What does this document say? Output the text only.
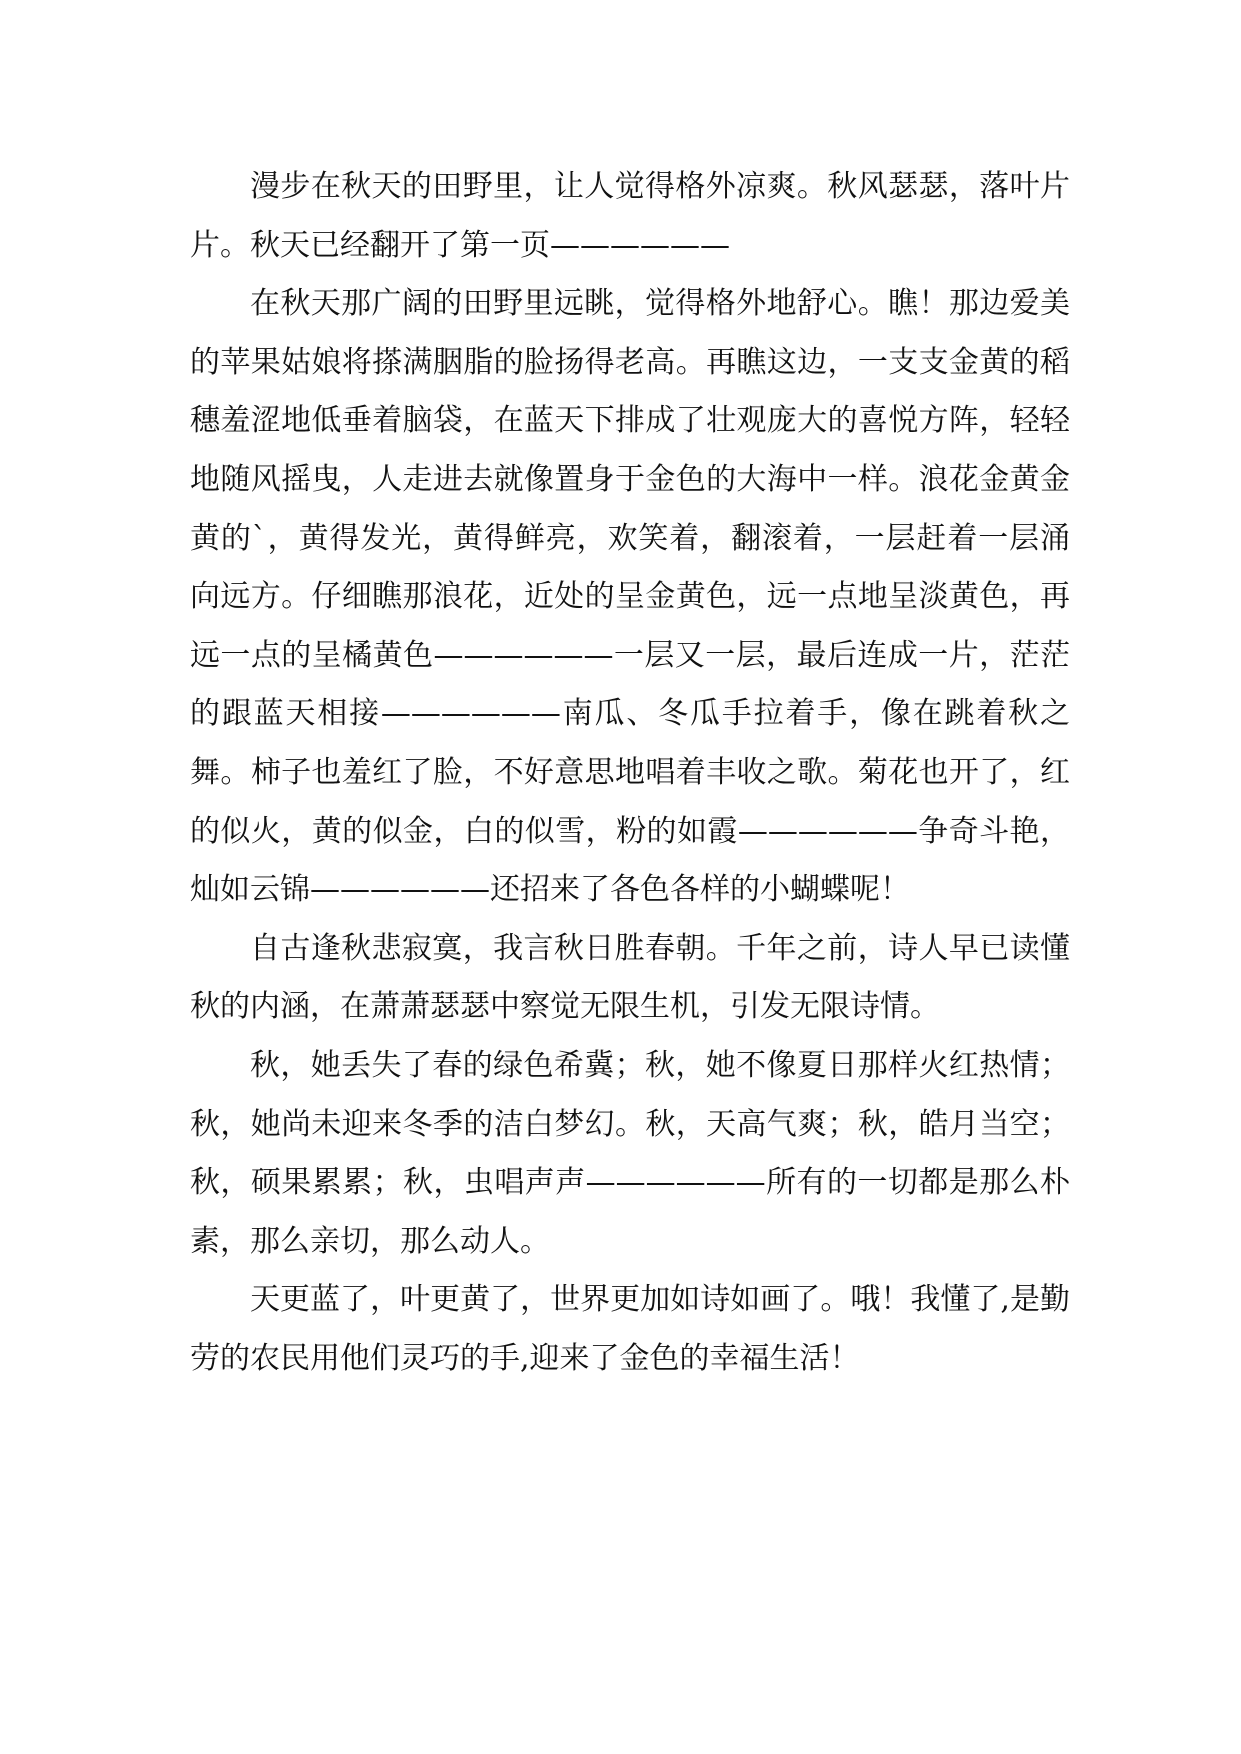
漫步在秋天的田野里，让人觉得格外凉爽。秋风瑟瑟，落叶片片。秋天已经翻开了第一页——————

在秋天那广阔的田野里远眺，觉得格外地舒心。瞧！那边爱美的苹果姑娘将搽满胭脂的脸扬得老高。再瞧这边，一支支金黄的稻穗羞涩地低垂着脑袋，在蓝天下排成了壮观庞大的喜悦方阵，轻轻地随风摇曳，人走进去就像置身于金色的大海中一样。浪花金黄金黄的`，黄得发光，黄得鲜亮，欢笑着，翻滚着，一层赶着一层涌向远方。仔细瞧那浪花，近处的呈金黄色，远一点地呈淡黄色，再远一点的呈橘黄色——————一层又一层，最后连成一片，茫茫的跟蓝天相接——————南瓜、冬瓜手拉着手，像在跳着秋之舞。柿子也羞红了脸，不好意思地唱着丰收之歌。菊花也开了，红的似火，黄的似金，白的似雪，粉的如霞——————争奇斗艳，灿如云锦——————还招来了各色各样的小蝴蝶呢！

自古逢秋悲寂寞，我言秋日胜春朝。千年之前，诗人早已读懂秋的内涵，在萧萧瑟瑟中察觉无限生机，引发无限诗情。

秋，她丢失了春的绿色希冀；秋，她不像夏日那样火红热情；秋，她尚未迎来冬季的洁白梦幻。秋，天高气爽；秋，皓月当空；秋，硕果累累；秋，虫唱声声——————所有的一切都是那么朴素，那么亲切，那么动人。

天更蓝了，叶更黄了，世界更加如诗如画了。哦！我懂了,是勤劳的农民用他们灵巧的手,迎来了金色的幸福生活！
